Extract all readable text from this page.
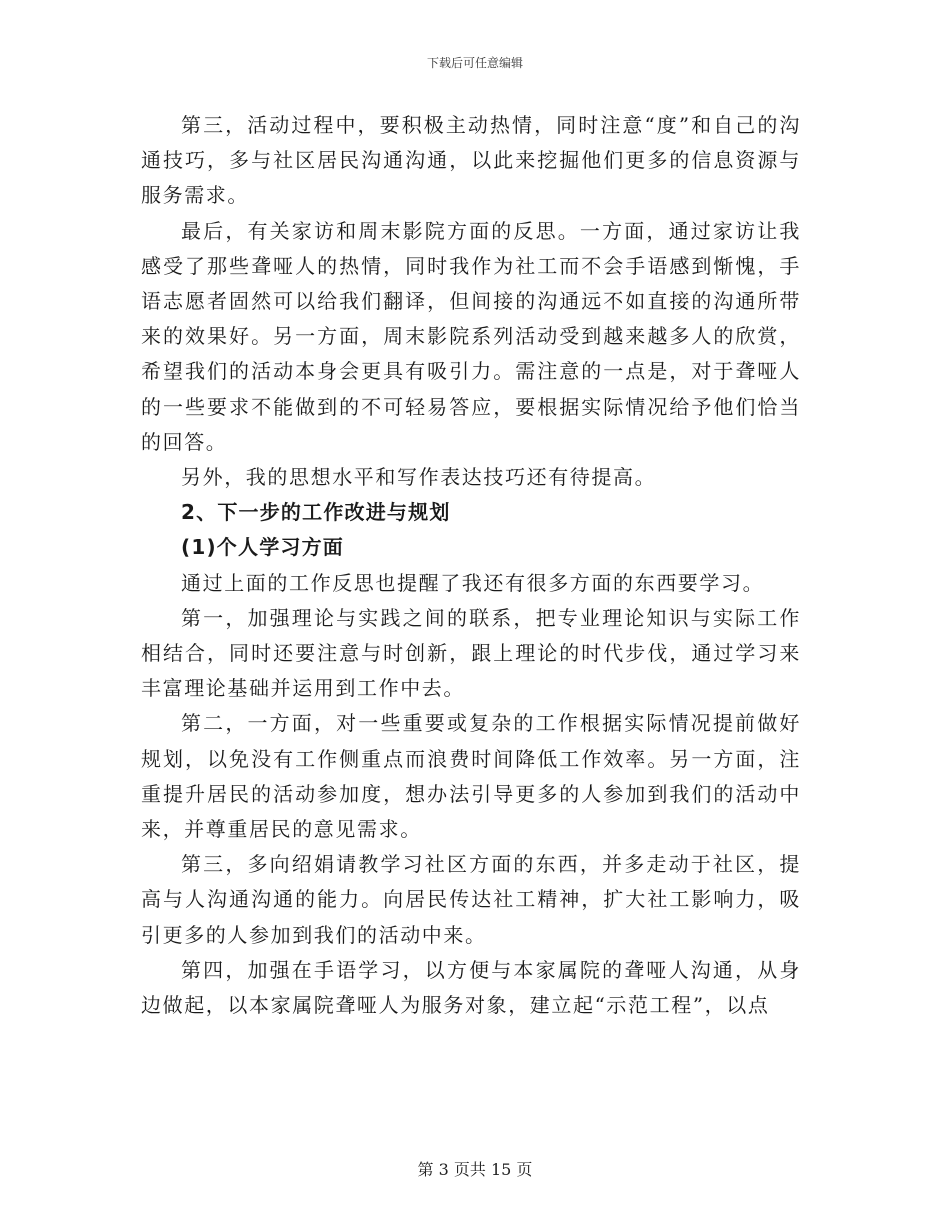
下载后可任意编辑

第三，活动过程中，要积极主动热情，同时注意“度”和自己的沟通技巧，多与社区居民沟通沟通，以此来挖掘他们更多的信息资源与服务需求。

最后，有关家访和周末影院方面的反思。一方面，通过家访让我感受了那些聋哑人的热情，同时我作为社工而不会手语感到惭愧，手语志愿者固然可以给我们翻译，但间接的沟通远不如直接的沟通所带来的效果好。另一方面，周末影院系列活动受到越来越多人的欣赏，希望我们的活动本身会更具有吸引力。需注意的一点是，对于聋哑人的一些要求不能做到的不可轻易答应，要根据实际情况给予他们恰当的回答。

另外，我的思想水平和写作表达技巧还有待提高。

2、下一步的工作改进与规划

(1)个人学习方面

通过上面的工作反思也提醒了我还有很多方面的东西要学习。

第一，加强理论与实践之间的联系，把专业理论知识与实际工作相结合，同时还要注意与时创新，跟上理论的时代步伐，通过学习来丰富理论基础并运用到工作中去。

第二，一方面，对一些重要或复杂的工作根据实际情况提前做好规划，以免没有工作侧重点而浪费时间降低工作效率。另一方面，注重提升居民的活动参加度，想办法引导更多的人参加到我们的活动中来，并尊重居民的意见需求。

第三，多向绍娟请教学习社区方面的东西，并多走动于社区，提高与人沟通沟通的能力。向居民传达社工精神，扩大社工影响力，吸引更多的人参加到我们的活动中来。

第四，加强在手语学习，以方便与本家属院的聋哑人沟通，从身边做起，以本家属院聋哑人为服务对象，建立起“示范工程”，以点

第 3 页共 15 页
